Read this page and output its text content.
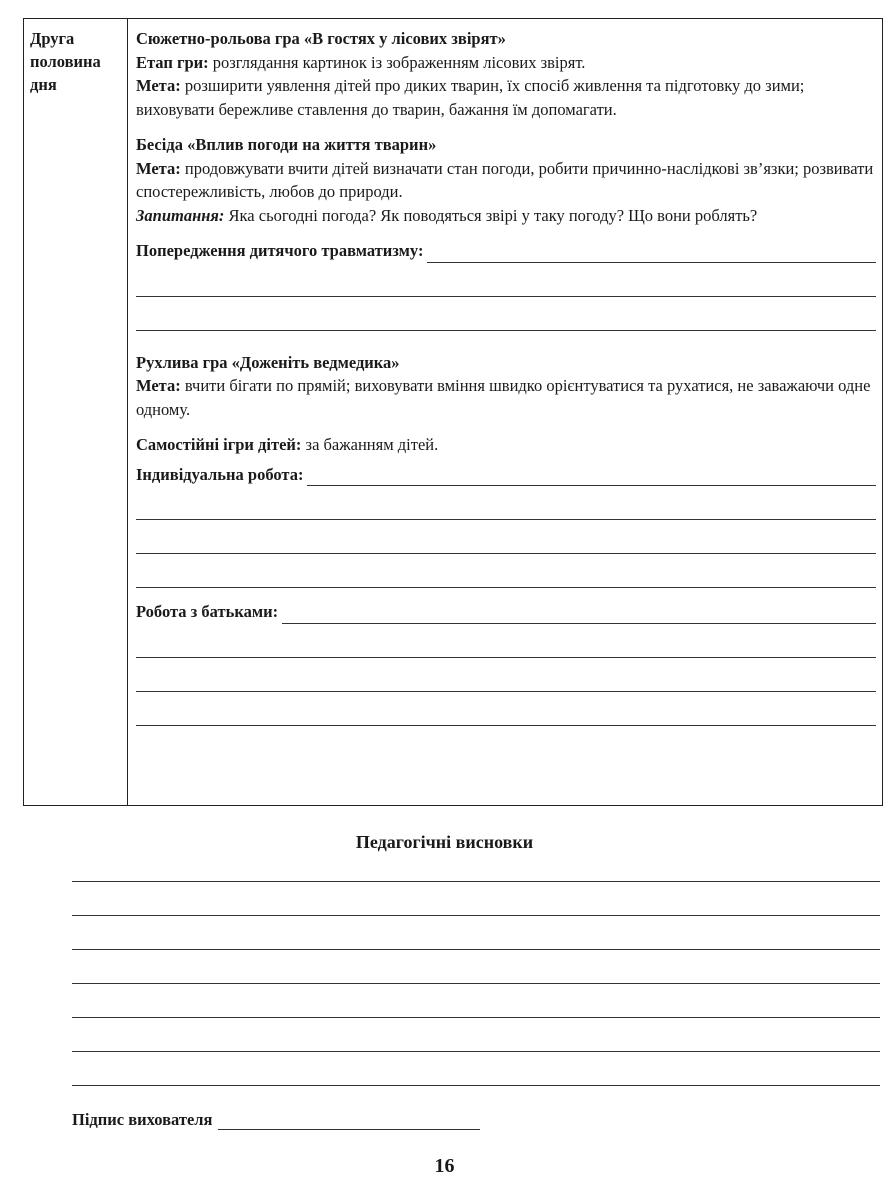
Друга
половина
дня

Сюжетно-рольова гра «В гостях у лісових звірят»

Етап гри: розглядання картинок із зображенням лісових звірят.

Мета: розширити уявлення дітей про диких тварин, їх спосіб живлення та підготовку до зими; виховувати бережливе ставлення до тварин, бажання їм допомагати.

Бесіда «Вплив погоди на життя тварин»

Мета: продовжувати вчити дітей визначати стан погоди, робити причинно-наслідкові зв’язки; розвивати спостережливість, любов до природи.

Запитання: Яка сьогодні погода? Як поводяться звірі у таку погоду? Що вони роблять?

Попередження дитячого травматизму:

Рухлива гра «Доженіть ведмедика»

Мета: вчити бігати по прямій; виховувати вміння швидко орієнтуватися та рухатися, не заважаючи одне одному.

Самостійні ігри дітей: за бажанням дітей.

Індивідуальна робота:
Робота з батьками:
Педагогічні висновки
Підпис вихователя
16
